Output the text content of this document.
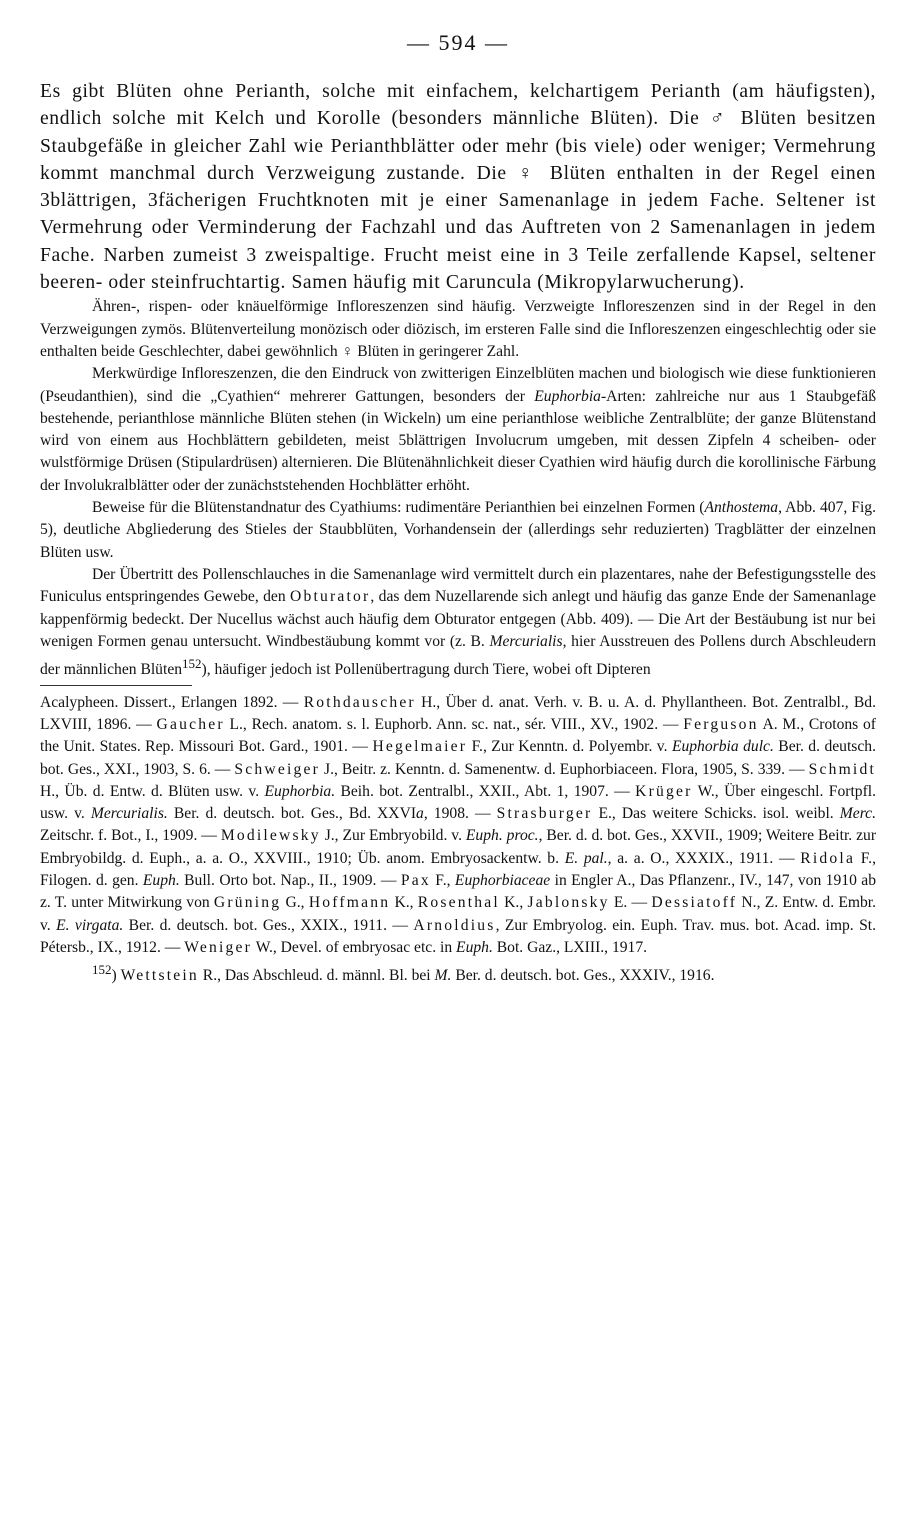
— 594 —

Es gibt Blüten ohne Perianth, solche mit einfachem, kelchartigem Perianth (am häufigsten), endlich solche mit Kelch und Korolle (besonders männliche Blüten). Die ♂ Blüten besitzen Staubgefäße in gleicher Zahl wie Perianthblätter oder mehr (bis viele) oder weniger; Vermehrung kommt manchmal durch Verzweigung zustande. Die ♀ Blüten enthalten in der Regel einen 3blättrigen, 3fächerigen Fruchtknoten mit je einer Samenanlage in jedem Fache. Seltener ist Vermehrung oder Verminderung der Fachzahl und das Auftreten von 2 Samenanlagen in jedem Fache. Narben zumeist 3 zweispaltige. Frucht meist eine in 3 Teile zerfallende Kapsel, seltener beeren- oder steinfruchtartig. Samen häufig mit Caruncula (Mikropylarwucherung).

Ähren-, rispen- oder knäuelförmige Infloreszenzen sind häufig. Verzweigte Infloreszenzen sind in der Regel in den Verzweigungen zymös. Blütenverteilung monözisch oder diözisch, im ersteren Falle sind die Infloreszenzen eingeschlechtig oder sie enthalten beide Geschlechter, dabei gewöhnlich ♀ Blüten in geringerer Zahl.

Merkwürdige Infloreszenzen, die den Eindruck von zwitterigen Einzelblüten machen und biologisch wie diese funktionieren (Pseudanthien), sind die „Cyathien“ mehrerer Gattungen, besonders der Euphorbia-Arten: zahlreiche nur aus 1 Staubgefäß bestehende, perianthlose männliche Blüten stehen (in Wickeln) um eine perianthlose weibliche Zentralblüte; der ganze Blütenstand wird von einem aus Hochblättern gebildeten, meist 5blättrigen Involucrum umgeben, mit dessen Zipfeln 4 scheiben- oder wulstförmige Drüsen (Stipulardrüsen) alternieren. Die Blütenähnlichkeit dieser Cyathien wird häufig durch die korollinische Färbung der Involukralblätter oder der zunächststehenden Hochblätter erhöht.

Beweise für die Blütenstandnatur des Cyathiums: rudimentäre Perianthien bei einzelnen Formen (Anthostema, Abb. 407, Fig. 5), deutliche Abgliederung des Stieles der Staubblüten, Vorhandensein der (allerdings sehr reduzierten) Tragblätter der einzelnen Blüten usw.

Der Übertritt des Pollenschlauches in die Samenanlage wird vermittelt durch ein plazentares, nahe der Befestigungsstelle des Funiculus entspringendes Gewebe, den Obturator, das dem Nuzellarende sich anlegt und häufig das ganze Ende der Samenanlage kappenförmig bedeckt. Der Nucellus wächst auch häufig dem Obturator entgegen (Abb. 409). — Die Art der Bestäubung ist nur bei wenigen Formen genau untersucht. Windbestäubung kommt vor (z. B. Mercurialis, hier Ausstreuen des Pollens durch Abschleudern der männlichen Blüten$^{152}$), häufiger jedoch ist Pollenübertragung durch Tiere, wobei oft Dipteren

Acalypheen. Dissert., Erlangen 1892. — Rothdauscher H., Über d. anat. Verh. v. B. u. A. d. Phyllantheen. Bot. Zentralbl., Bd. LXVIII, 1896. — Gaucher L., Rech. anatom. s. l. Euphorb. Ann. sc. nat., sér. VIII., XV., 1902. — Ferguson A. M., Crotons of the Unit. States. Rep. Missouri Bot. Gard., 1901. — Hegelmaier F., Zur Kenntn. d. Polyembr. v. Euphorbia dulc. Ber. d. deutsch. bot. Ges., XXI., 1903, S. 6. — Schweiger J., Beitr. z. Kenntn. d. Samenentw. d. Euphorbiaceen. Flora, 1905, S. 339. — Schmidt H., Üb. d. Entw. d. Blüten usw. v. Euphorbia. Beih. bot. Zentralbl., XXII., Abt. 1, 1907. — Krüger W., Über eingeschl. Fortpfl. usw. v. Mercurialis. Ber. d. deutsch. bot. Ges., Bd. XXVIa, 1908. — Strasburger E., Das weitere Schicks. isol. weibl. Merc. Zeitschr. f. Bot., I., 1909. — Modilewsky J., Zur Embryobild. v. Euph. proc., Ber. d. d. bot. Ges., XXVII., 1909; Weitere Beitr. zur Embryobildg. d. Euph., a. a. O., XXVIII., 1910; Üb. anom. Embryosackentw. b. E. pal., a. a. O., XXXIX., 1911. — Ridola F., Filogen. d. gen. Euph. Bull. Orto bot. Nap., II., 1909. — Pax F., Euphorbiaceae in Engler A., Das Pflanzenr., IV., 147, von 1910 ab z. T. unter Mitwirkung von Grüning G., Hoffmann K., Rosenthal K., Jablonsky E. — Dessiatoff N., Z. Entw. d. Embr. v. E. virgata. Ber. d. deutsch. bot. Ges., XXIX., 1911. — Arnoldius, Zur Embryolog. ein. Euph. Trav. mus. bot. Acad. imp. St. Pétersb., IX., 1912. — Weniger W., Devel. of embryosac etc. in Euph. Bot. Gaz., LXIII., 1917.

$^{152}$) Wettstein R., Das Abschleud. d. männl. Bl. bei M. Ber. d. deutsch. bot. Ges., XXXIV., 1916.
